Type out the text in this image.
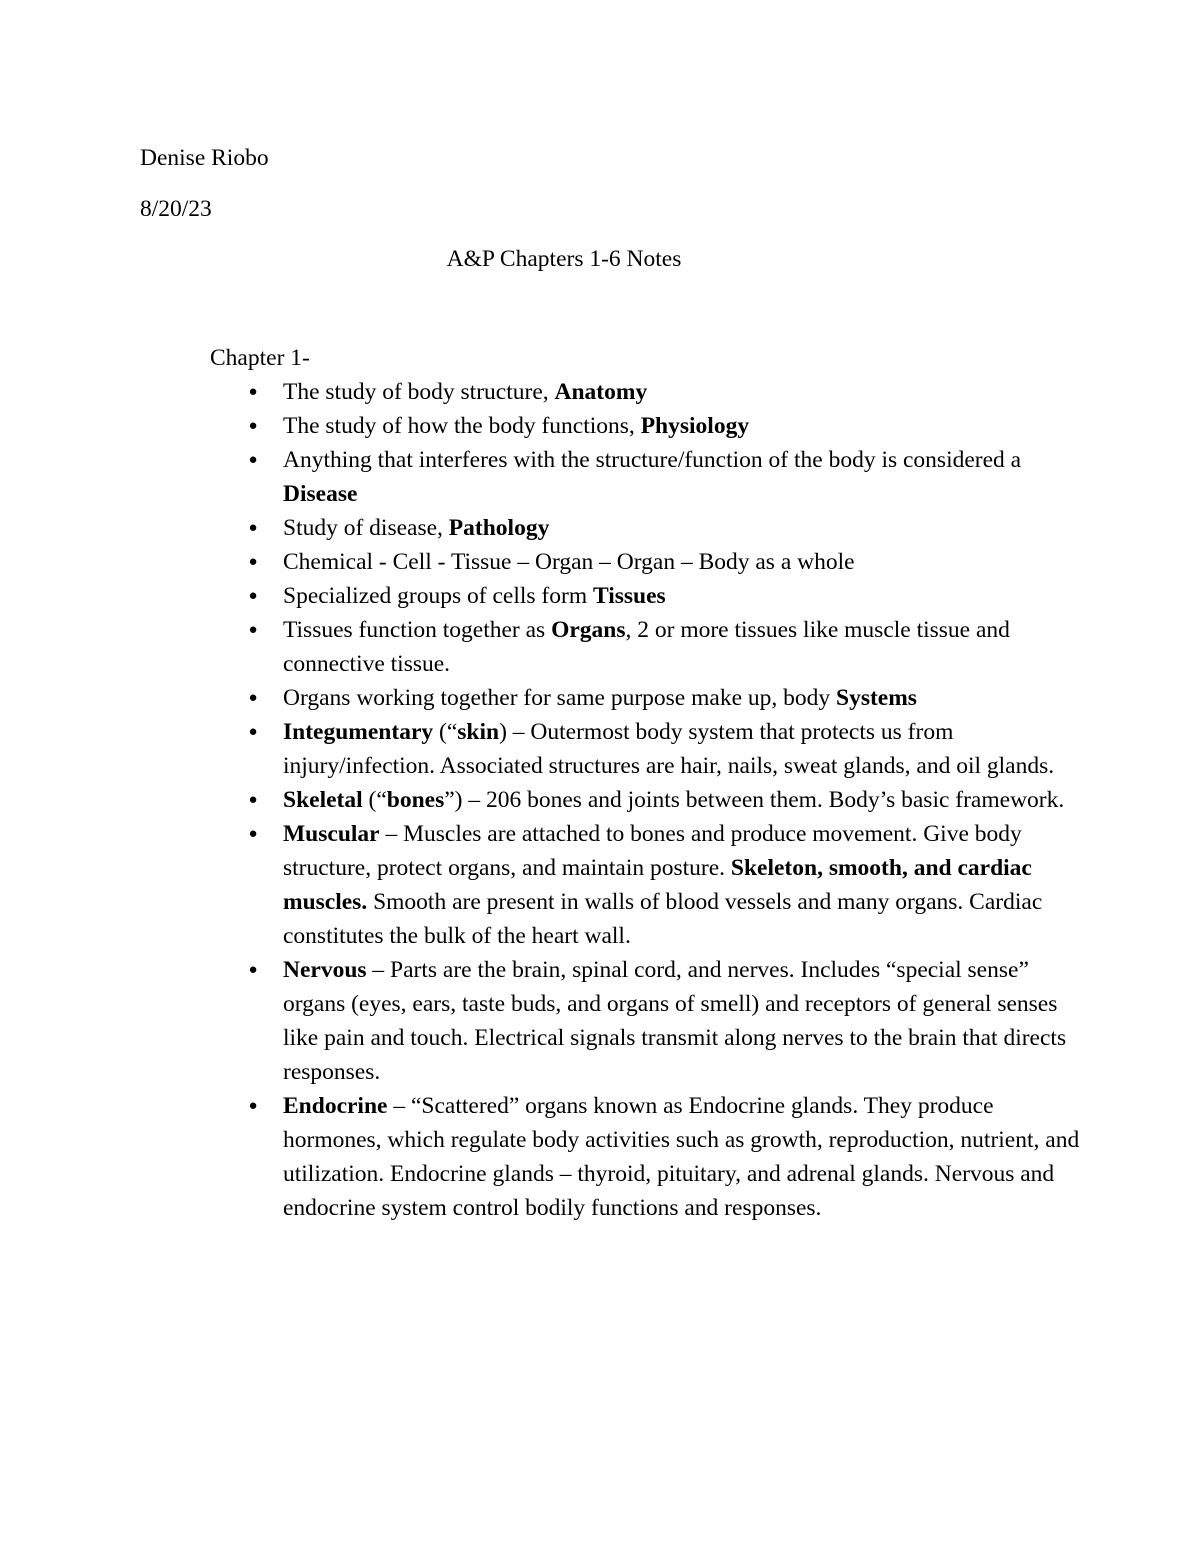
Denise Riobo
8/20/23
A&P Chapters 1-6 Notes
Chapter 1-
● The study of body structure, Anatomy
● The study of how the body functions, Physiology
● Anything that interferes with the structure/function of the body is considered a Disease
● Study of disease, Pathology
● Chemical - Cell - Tissue – Organ – Organ – Body as a whole
● Specialized groups of cells form Tissues
● Tissues function together as Organs, 2 or more tissues like muscle tissue and connective tissue.
● Organs working together for same purpose make up, body Systems
● Integumentary (“skin) – Outermost body system that protects us from injury/infection. Associated structures are hair, nails, sweat glands, and oil glands.
● Skeletal (“bones”) – 206 bones and joints between them. Body’s basic framework.
● Muscular – Muscles are attached to bones and produce movement. Give body structure, protect organs, and maintain posture. Skeleton, smooth, and cardiac muscles. Smooth are present in walls of blood vessels and many organs. Cardiac constitutes the bulk of the heart wall.
● Nervous – Parts are the brain, spinal cord, and nerves. Includes “special sense” organs (eyes, ears, taste buds, and organs of smell) and receptors of general senses like pain and touch. Electrical signals transmit along nerves to the brain that directs responses.
● Endocrine – “Scattered” organs known as Endocrine glands. They produce hormones, which regulate body activities such as growth, reproduction, nutrient, and utilization. Endocrine glands – thyroid, pituitary, and adrenal glands. Nervous and endocrine system control bodily functions and responses.
